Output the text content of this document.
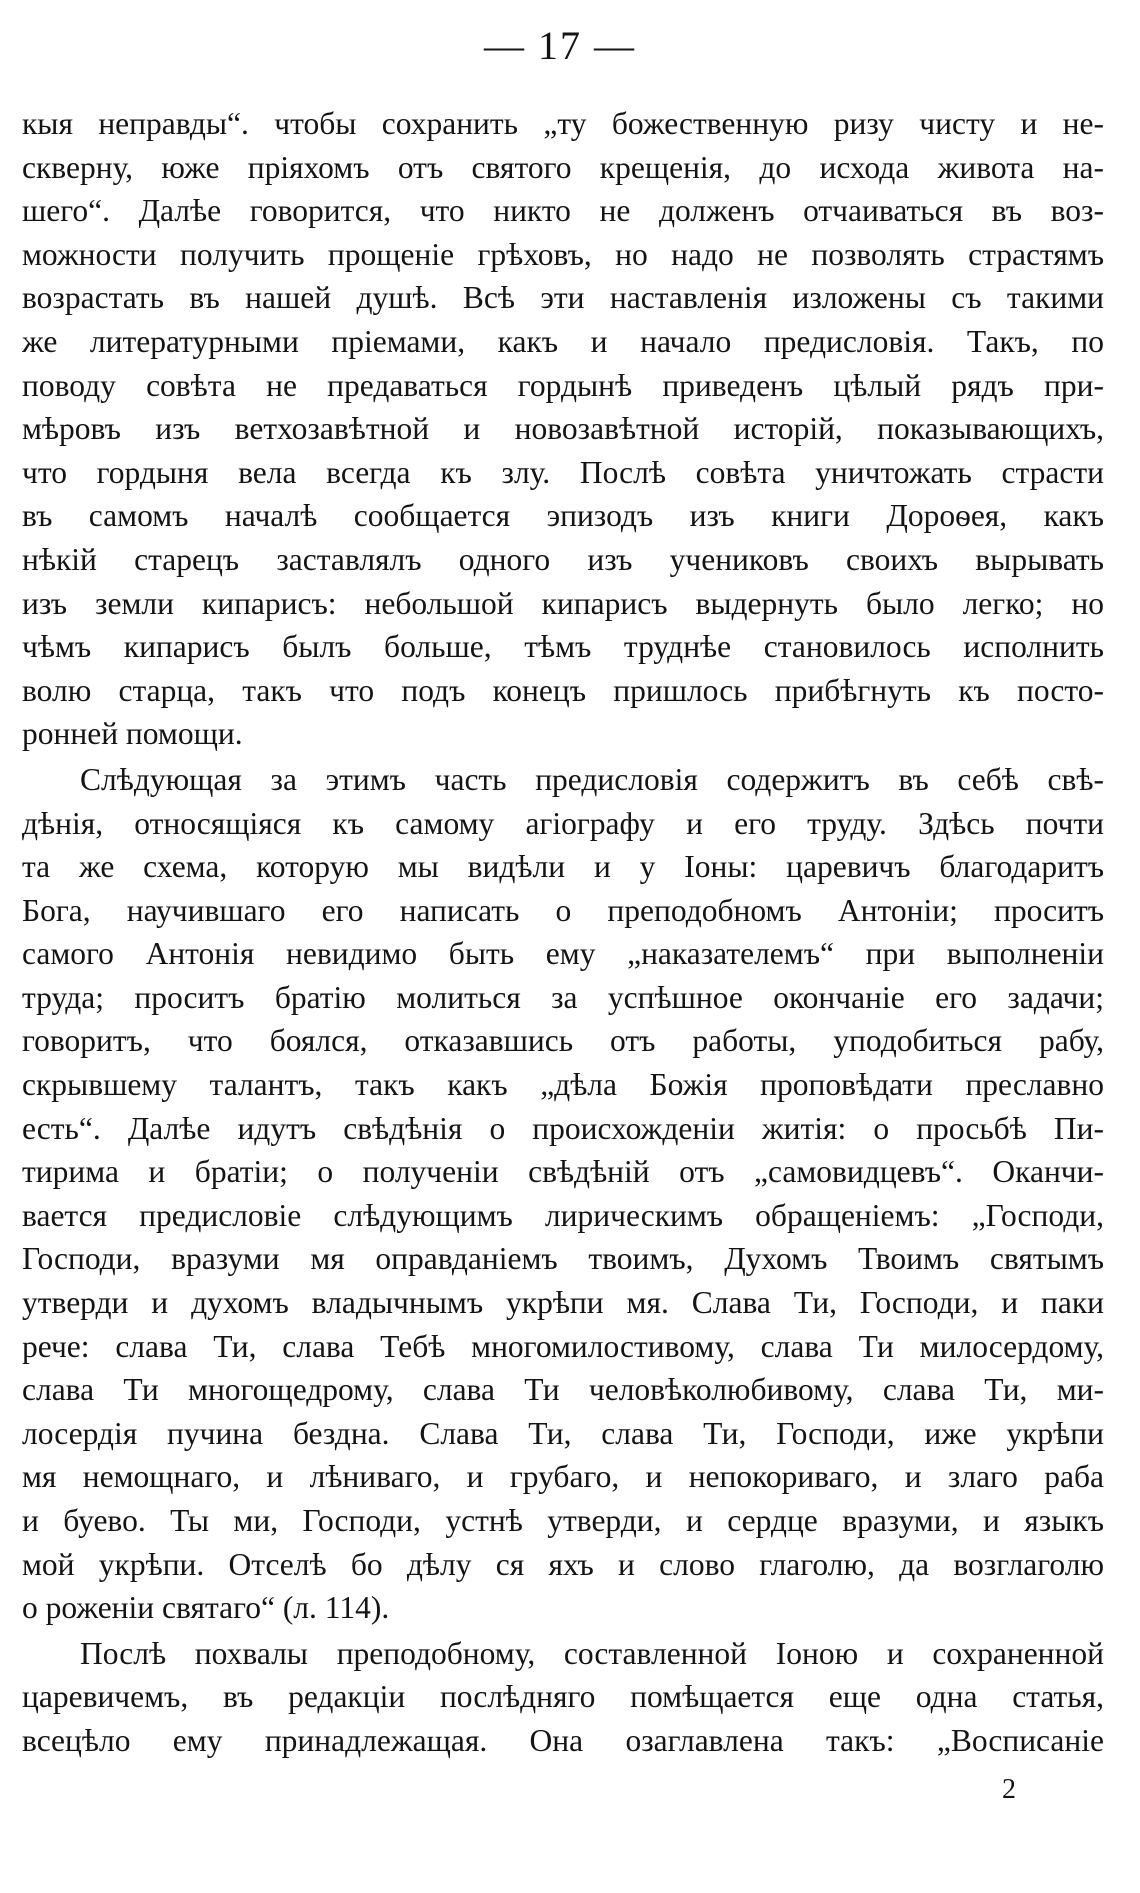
— 17 —
кыя неправды“. чтобы сохранить „ту божественную ризу чисту и не-
скверну, юже пріяхомъ отъ святого крещенія, до исхода живота на-
шего“. Далѣе говорится, что никто не долженъ отчаиваться въ воз-
можности получить прощеніе грѣховъ, но надо не позволять страстямъ
возрастать въ нашей душѣ. Всѣ эти наставленія изложены съ такими
же литературными пріемами, какъ и начало предисловія. Такъ, по
поводу совѣта не предаваться гордынѣ приведенъ цѣлый рядъ при-
мѣровъ изъ ветхозавѣтной и новозавѣтной исторій, показывающихъ,
что гордыня вела всегда къ злу. Послѣ совѣта уничтожать страсти
въ самомъ началѣ сообщается эпизодъ изъ книги Дороѳея, какъ
нѣкій старецъ заставлялъ одного изъ учениковъ своихъ вырывать
изъ земли кипарисъ: небольшой кипарисъ выдернуть было легко; но
чѣмъ кипарисъ былъ больше, тѣмъ труднѣе становилось исполнить
волю старца, такъ что подъ конецъ пришлось прибѣгнуть къ посто-
ронней помощи.
Слѣдующая за этимъ часть предисловія содержитъ въ себѣ свѣ-
дѣнія, относящіяся къ самому агіографу и его труду. Здѣсь почти
та же схема, которую мы видѣли и у Іоны: царевичъ благодаритъ
Бога, научившаго его написать о преподобномъ Антоніи; проситъ
самого Антонія невидимо быть ему „наказателемъ“ при выполненіи
труда; проситъ братію молиться за успѣшное окончаніе его задачи;
говоритъ, что боялся, отказавшись отъ работы, уподобиться рабу,
скрывшему талантъ, такъ какъ „дѣла Божія проповѣдати преславно
есть“. Далѣе идутъ свѣдѣнія о происхожденіи житія: о просьбѣ Пи-
тирима и братіи; о полученіи свѣдѣній отъ „самовидцевъ“. Оканчи-
вается предисловіе слѣдующимъ лирическимъ обращеніемъ: „Господи,
Господи, вразуми мя оправданіемъ твоимъ, Духомъ Твоимъ святымъ
утверди и духомъ владычнымъ укрѣпи мя. Слава Ти, Господи, и паки
рече: слава Ти, слава Тебѣ многомилостивому, слава Ти милосердому,
слава Ти многощедрому, слава Ти человѣколюбивому, слава Ти, ми-
лосердія пучина бездна. Слава Ти, слава Ти, Господи, иже укрѣпи
мя немощнаго, и лѣниваго, и грубаго, и непокориваго, и злаго раба
и буево. Ты ми, Господи, устнѣ утверди, и сердце вразуми, и языкъ
мой укрѣпи. Отселѣ бо дѣлу ся яхъ и слово глаголю, да возглаголю
о роженіи святаго“ (л. 114).
Послѣ похвалы преподобному, составленной Іонoю и сохраненной
царевичемъ, въ редакціи послѣдняго помѣщается еще одна статья,
всецѣло ему принадлежащая. Она озаглавлена такъ: „Восписаніе
2
